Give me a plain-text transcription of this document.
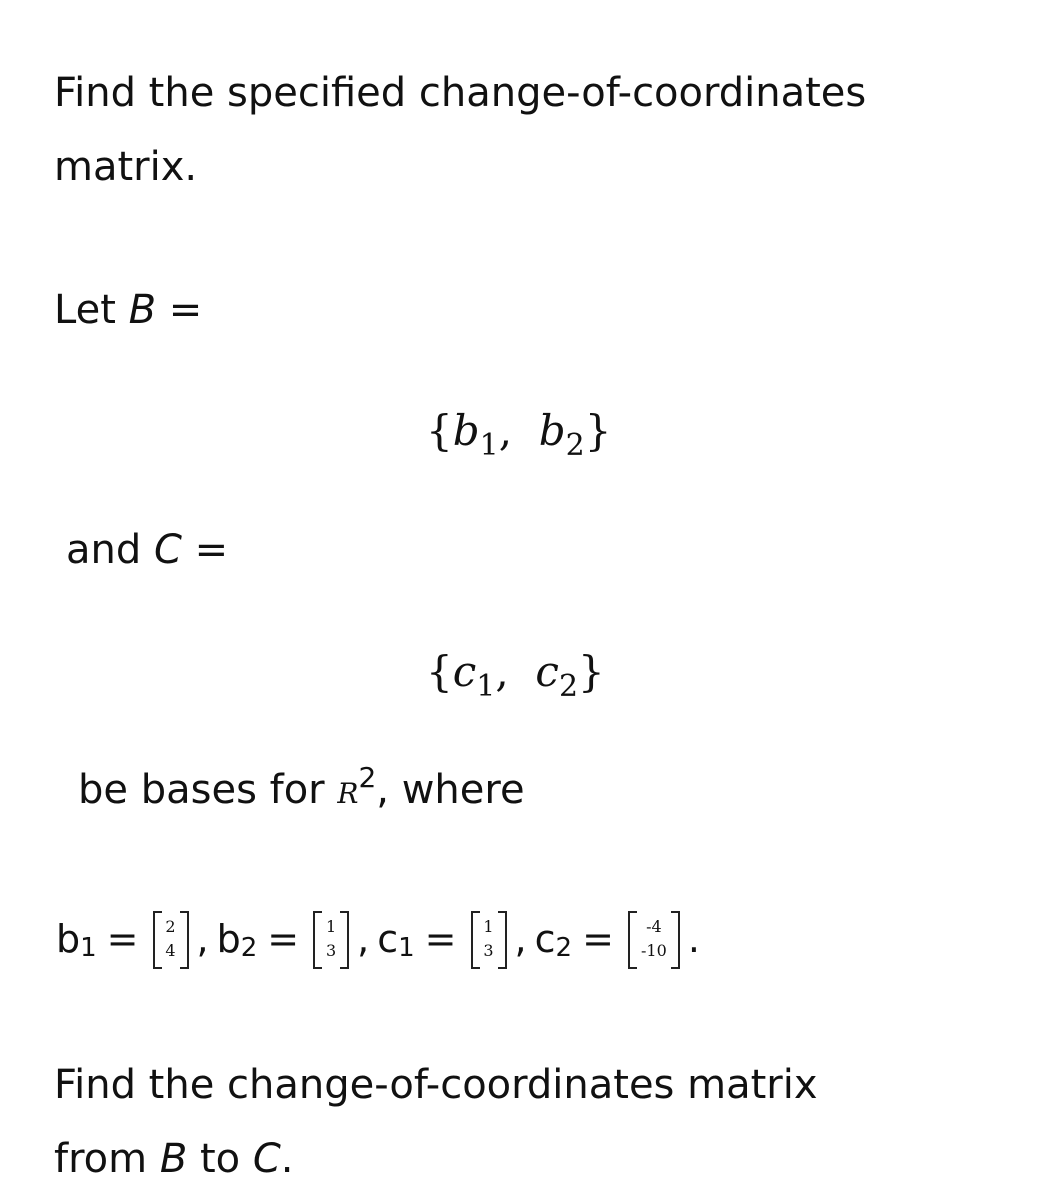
Find the specified change-of-coordinates
matrix.
Let B =
{$b_1$, $b_2$}
and C =
{$c_1$, $c_2$}
be bases for $R^2$, where
b 1 =	2
4 , b 2 =	1
3 , c 1 =	1
3 , c 2 =	-4
-10 .
Find the change-of-coordinates matrix
from B to C.
